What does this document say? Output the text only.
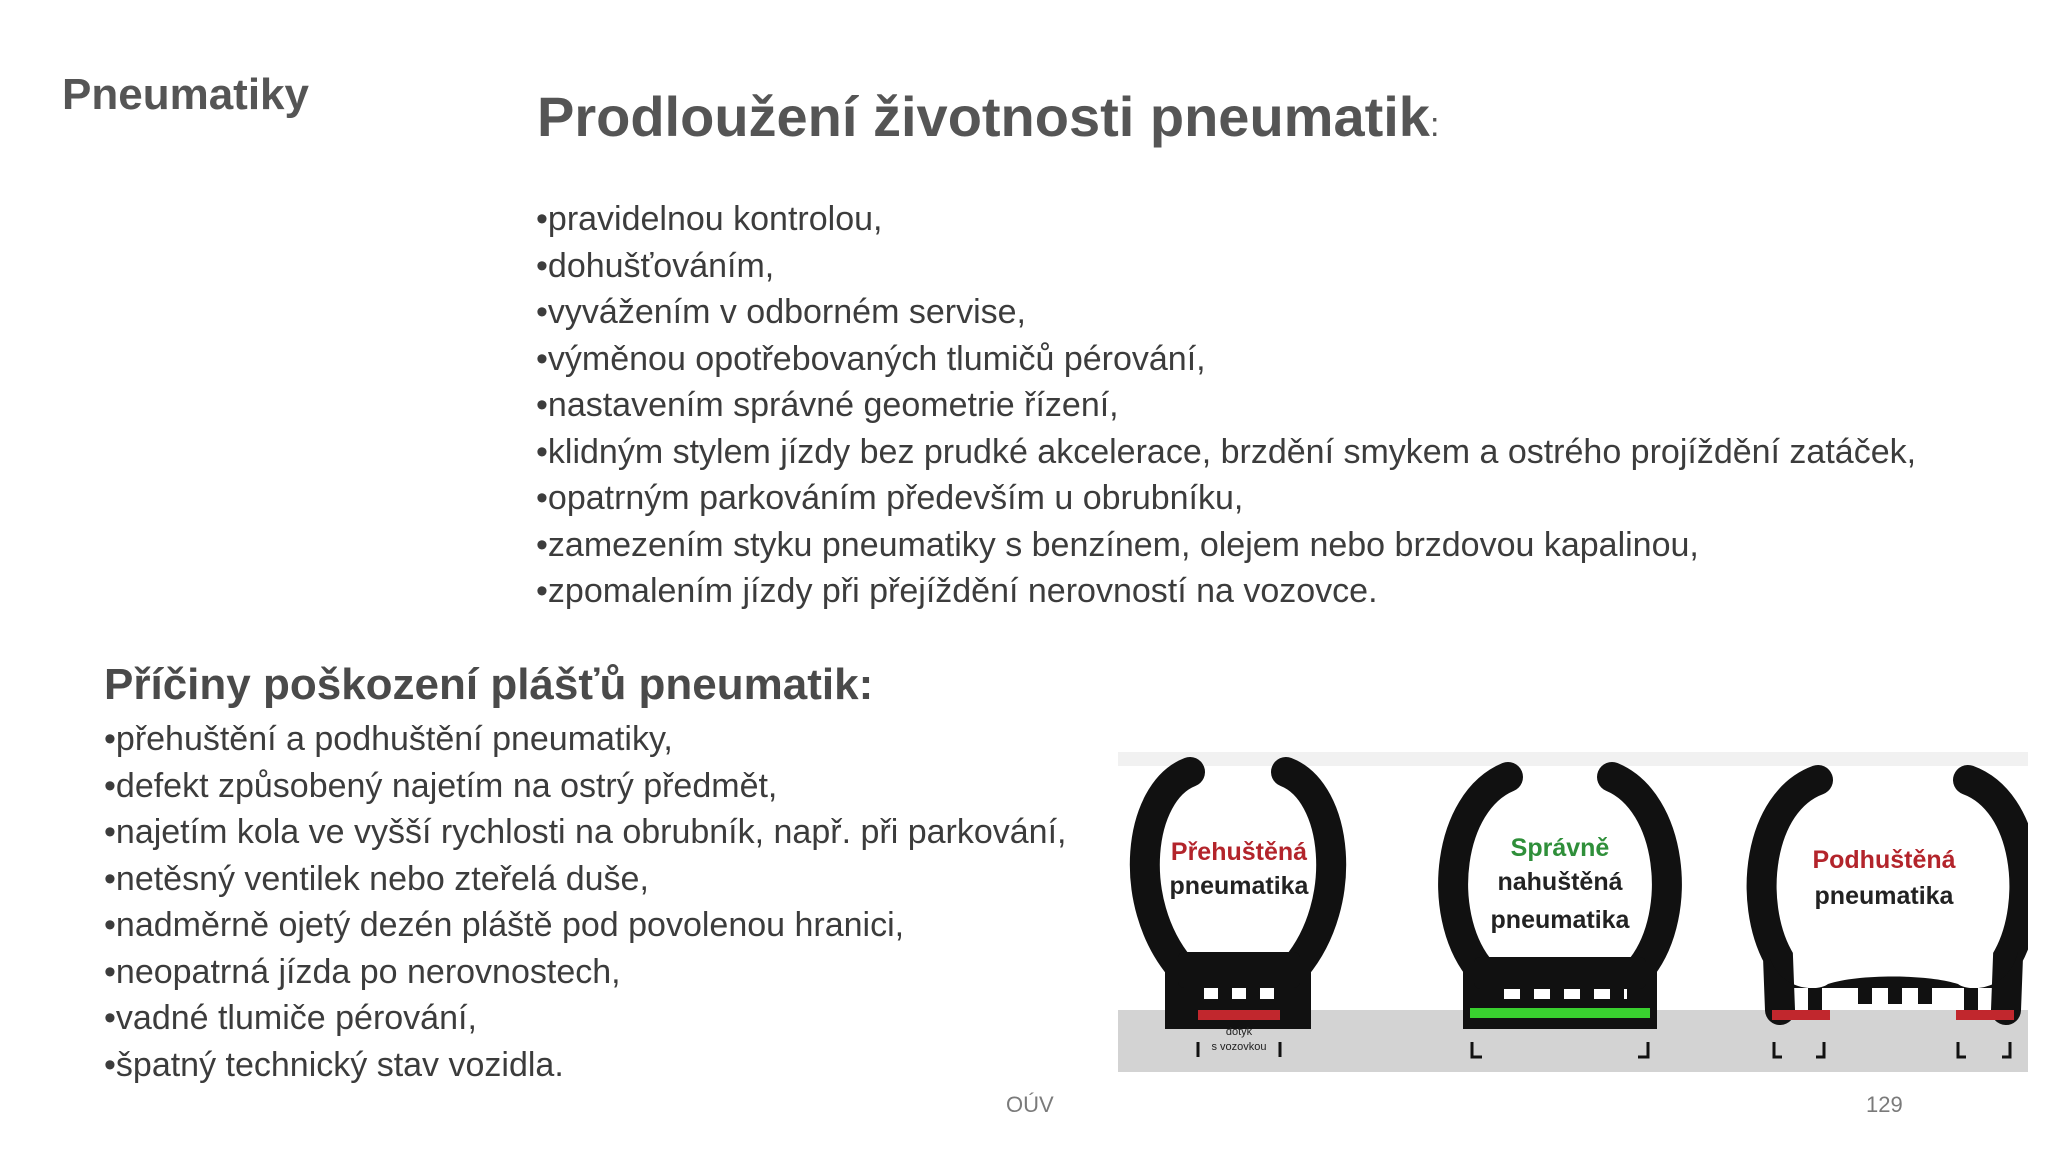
Pneumatiky	Prodloužení životnosti pneumatik:
•pravidelnou kontrolou,
•dohušťováním,
•vyvážením v odborném servise,
•výměnou opotřebovaných tlumičů pérování,
•nastavením správné geometrie řízení,
•klidným stylem jízdy bez prudké akcelerace, brzdění smykem a ostrého projíždění zatáček,
•opatrným parkováním především u obrubníku,
•zamezením styku pneumatiky s benzínem, olejem nebo brzdovou kapalinou,
•zpomalením jízdy při přejíždění nerovností na vozovce.
Příčiny poškození plášťů pneumatik:
•přehuštění a podhuštění pneumatiky,
•defekt způsobený najetím na ostrý předmět,
•najetím kola ve vyšší rychlosti na obrubník, např. při parkování,
•netěsný ventilek nebo zteřelá duše,
•nadměrně ojetý dezén pláště pod povolenou hranici,
•neopatrná jízda po nerovnostech,
•vadné tlumiče pérování,
•špatný technický stav vozidla.
dotyk
s vozovkou
Přehuštěná
pneumatika
Správně
nahuštěná
pneumatika
Podhuštěná
pneumatika
OÚV	129
